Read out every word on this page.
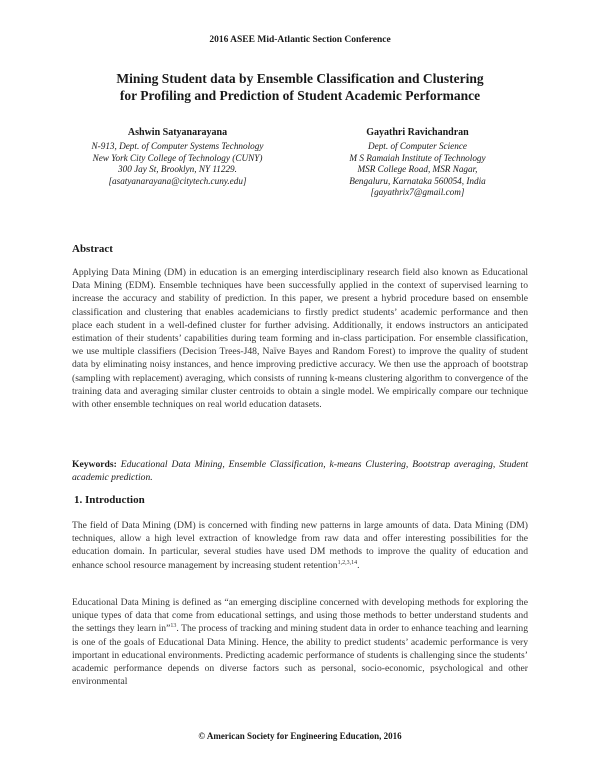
2016 ASEE Mid-Atlantic Section Conference
Mining Student data by Ensemble Classification and Clustering
for Profiling and Prediction of Student Academic Performance
Ashwin Satyanarayana
N-913, Dept. of Computer Systems Technology
New York City College of Technology (CUNY)
300 Jay St, Brooklyn, NY 11229.
[asatyanarayana@citytech.cuny.edu]
Gayathri Ravichandran
Dept. of Computer Science
M S Ramaiah Institute of Technology
MSR College Road, MSR Nagar,
Bengaluru, Karnataka 560054, India
[gayathrix7@gmail.com]
Abstract
Applying Data Mining (DM) in education is an emerging interdisciplinary research field also known as Educational Data Mining (EDM). Ensemble techniques have been successfully applied in the context of supervised learning to increase the accuracy and stability of prediction. In this paper, we present a hybrid procedure based on ensemble classification and clustering that enables academicians to firstly predict students’ academic performance and then place each student in a well-defined cluster for further advising. Additionally, it endows instructors an anticipated estimation of their students’ capabilities during team forming and in-class participation. For ensemble classification, we use multiple classifiers (Decision Trees-J48, Naïve Bayes and Random Forest) to improve the quality of student data by eliminating noisy instances, and hence improving predictive accuracy. We then use the approach of bootstrap (sampling with replacement) averaging, which consists of running k-means clustering algorithm to convergence of the training data and averaging similar cluster centroids to obtain a single model. We empirically compare our technique with other ensemble techniques on real world education datasets.
Keywords: Educational Data Mining, Ensemble Classification, k-means Clustering, Bootstrap averaging, Student academic prediction.
1. Introduction
The field of Data Mining (DM) is concerned with finding new patterns in large amounts of data. Data Mining (DM) techniques, allow a high level extraction of knowledge from raw data and offer interesting possibilities for the education domain. In particular, several studies have used DM methods to improve the quality of education and enhance school resource management by increasing student retention$^{1,2,3,14}$.
Educational Data Mining is defined as “an emerging discipline concerned with developing methods for exploring the unique types of data that come from educational settings, and using those methods to better understand students and the settings they learn in”$^{13}$. The process of tracking and mining student data in order to enhance teaching and learning is one of the goals of Educational Data Mining. Hence, the ability to predict students’ academic performance is very important in educational environments. Predicting academic performance of students is challenging since the students’ academic performance depends on diverse factors such as personal, socio-economic, psychological and other environmental
© American Society for Engineering Education, 2016
